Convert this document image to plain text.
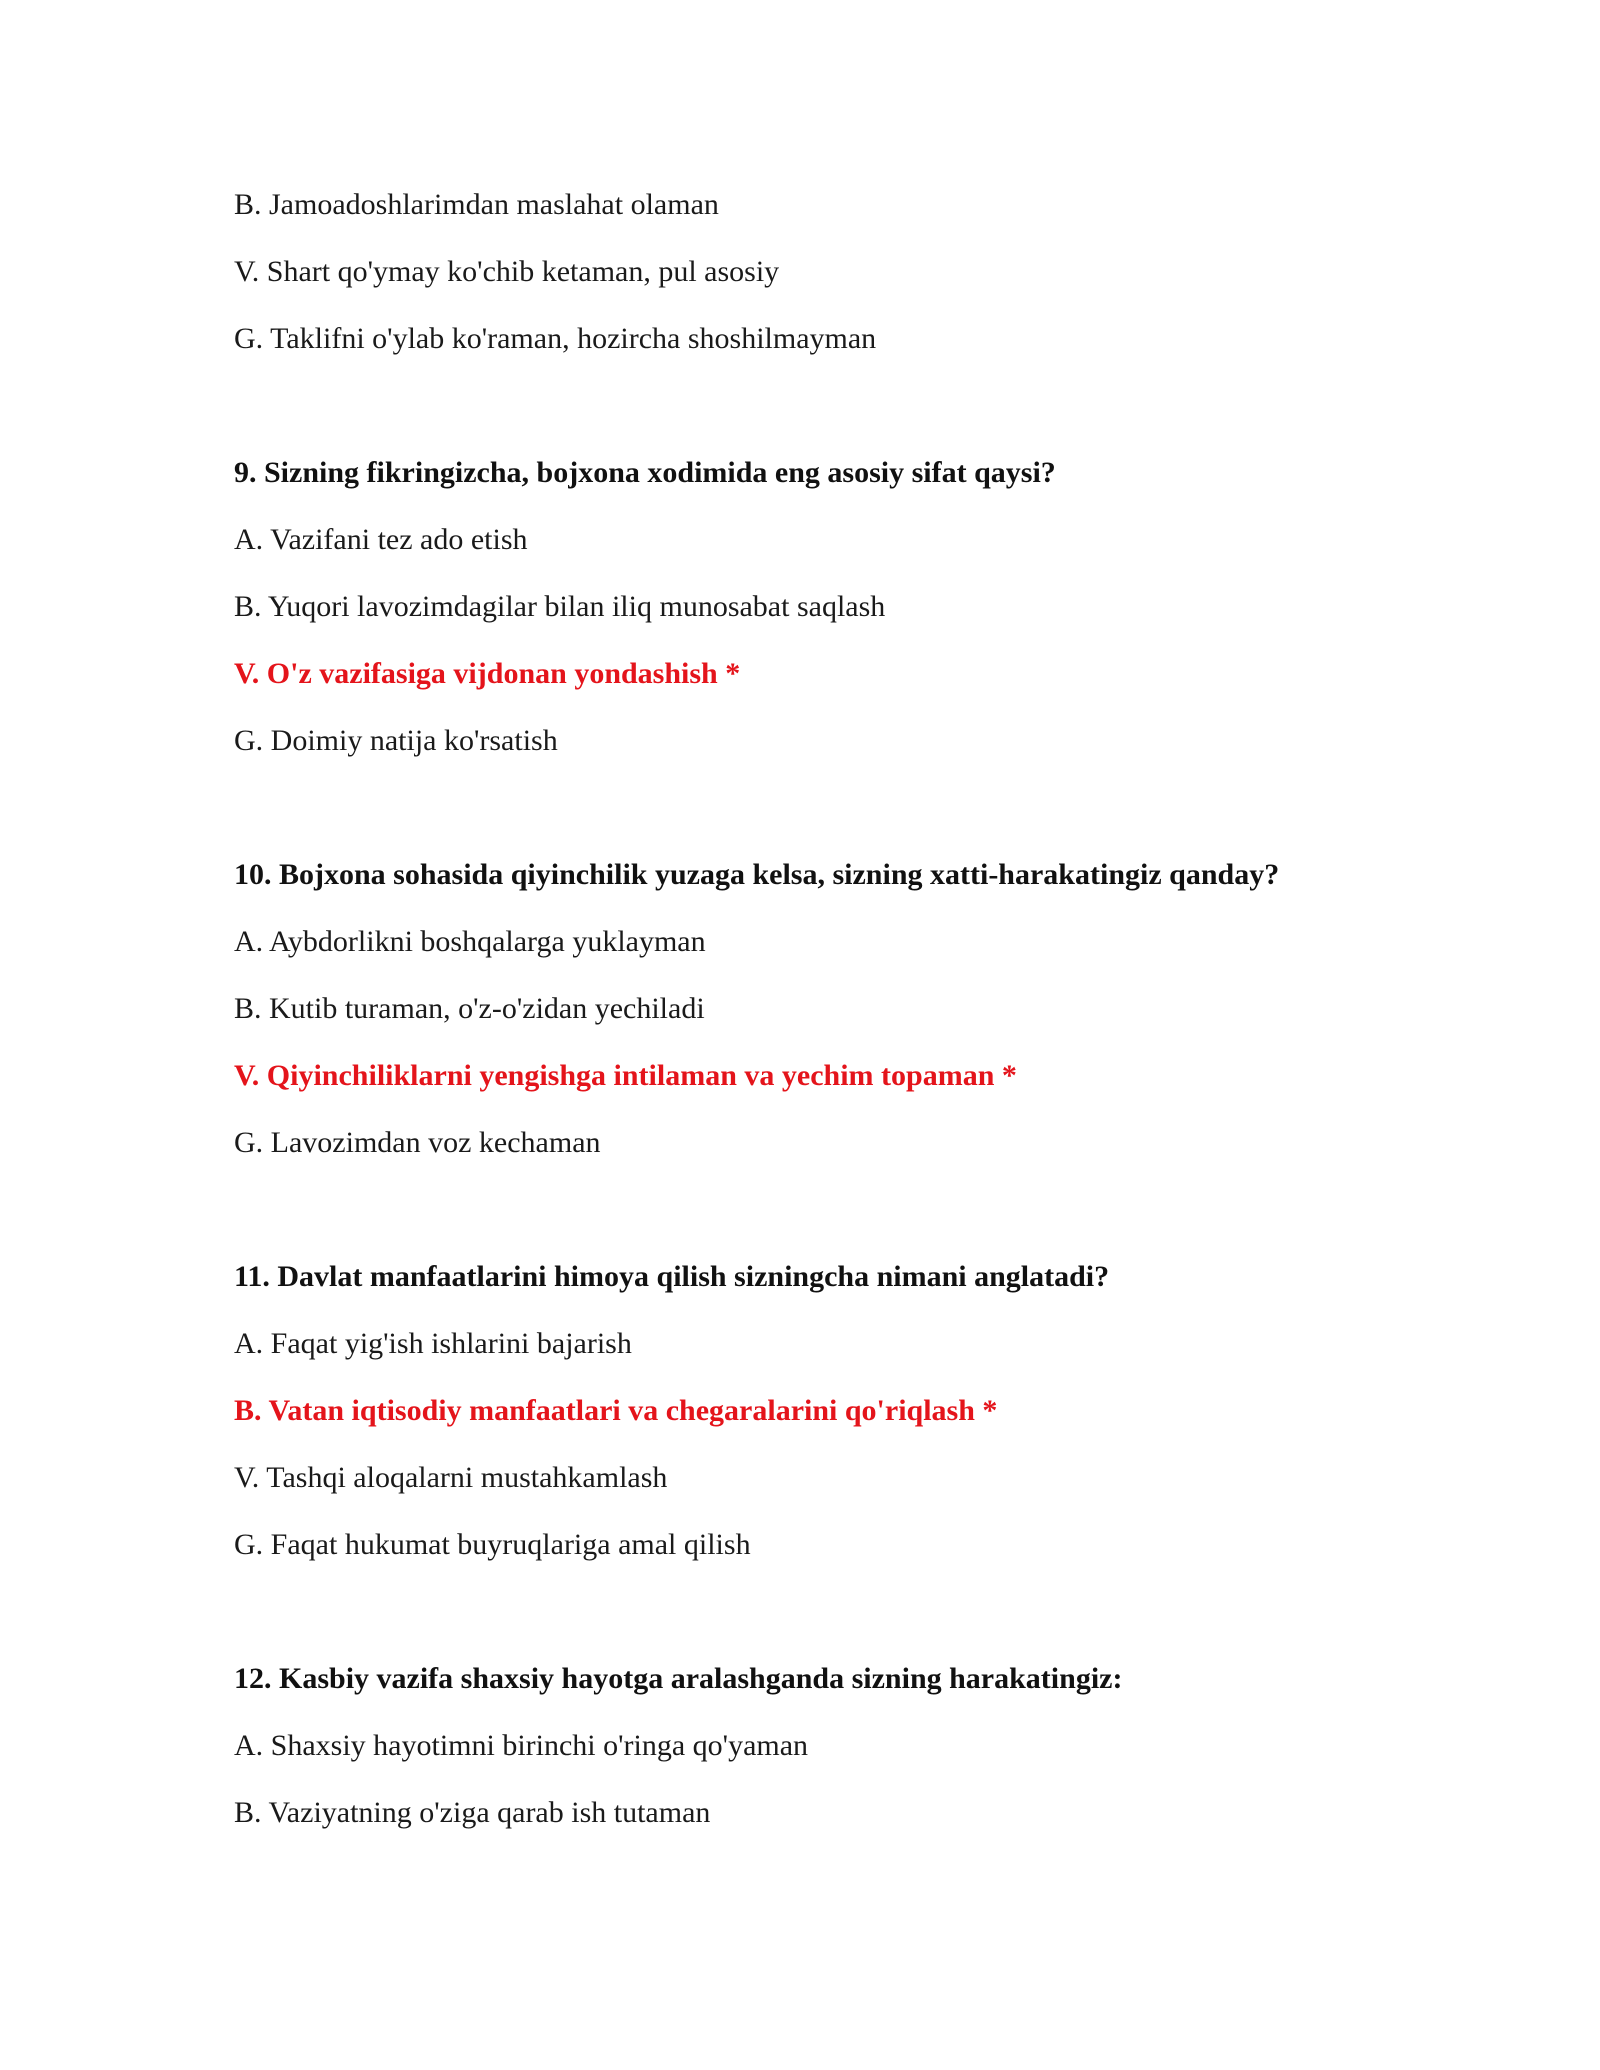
B. Jamoadoshlarimdan maslahat olaman
V. Shart qo'ymay ko'chib ketaman, pul asosiy
G. Taklifni o'ylab ko'raman, hozircha shoshilmayman
9. Sizning fikringizcha, bojxona xodimida eng asosiy sifat qaysi?
A. Vazifani tez ado etish
B. Yuqori lavozimdagilar bilan iliq munosabat saqlash
V. O'z vazifasiga vijdonan yondashish *
G. Doimiy natija ko'rsatish
10. Bojxona sohasida qiyinchilik yuzaga kelsa, sizning xatti-harakatingiz qanday?
A. Aybdorlikni boshqalarga yuklayman
B. Kutib turaman, o'z-o'zidan yechiladi
V. Qiyinchiliklarni yengishga intilaman va yechim topaman *
G. Lavozimdan voz kechaman
11. Davlat manfaatlarini himoya qilish sizningcha nimani anglatadi?
A. Faqat yig'ish ishlarini bajarish
B. Vatan iqtisodiy manfaatlari va chegaralarini qo'riqlash *
V. Tashqi aloqalarni mustahkamlash
G. Faqat hukumat buyruqlariga amal qilish
12. Kasbiy vazifa shaxsiy hayotga aralashganda sizning harakatingiz:
A. Shaxsiy hayotimni birinchi o'ringa qo'yaman
B. Vaziyatning o'ziga qarab ish tutaman
